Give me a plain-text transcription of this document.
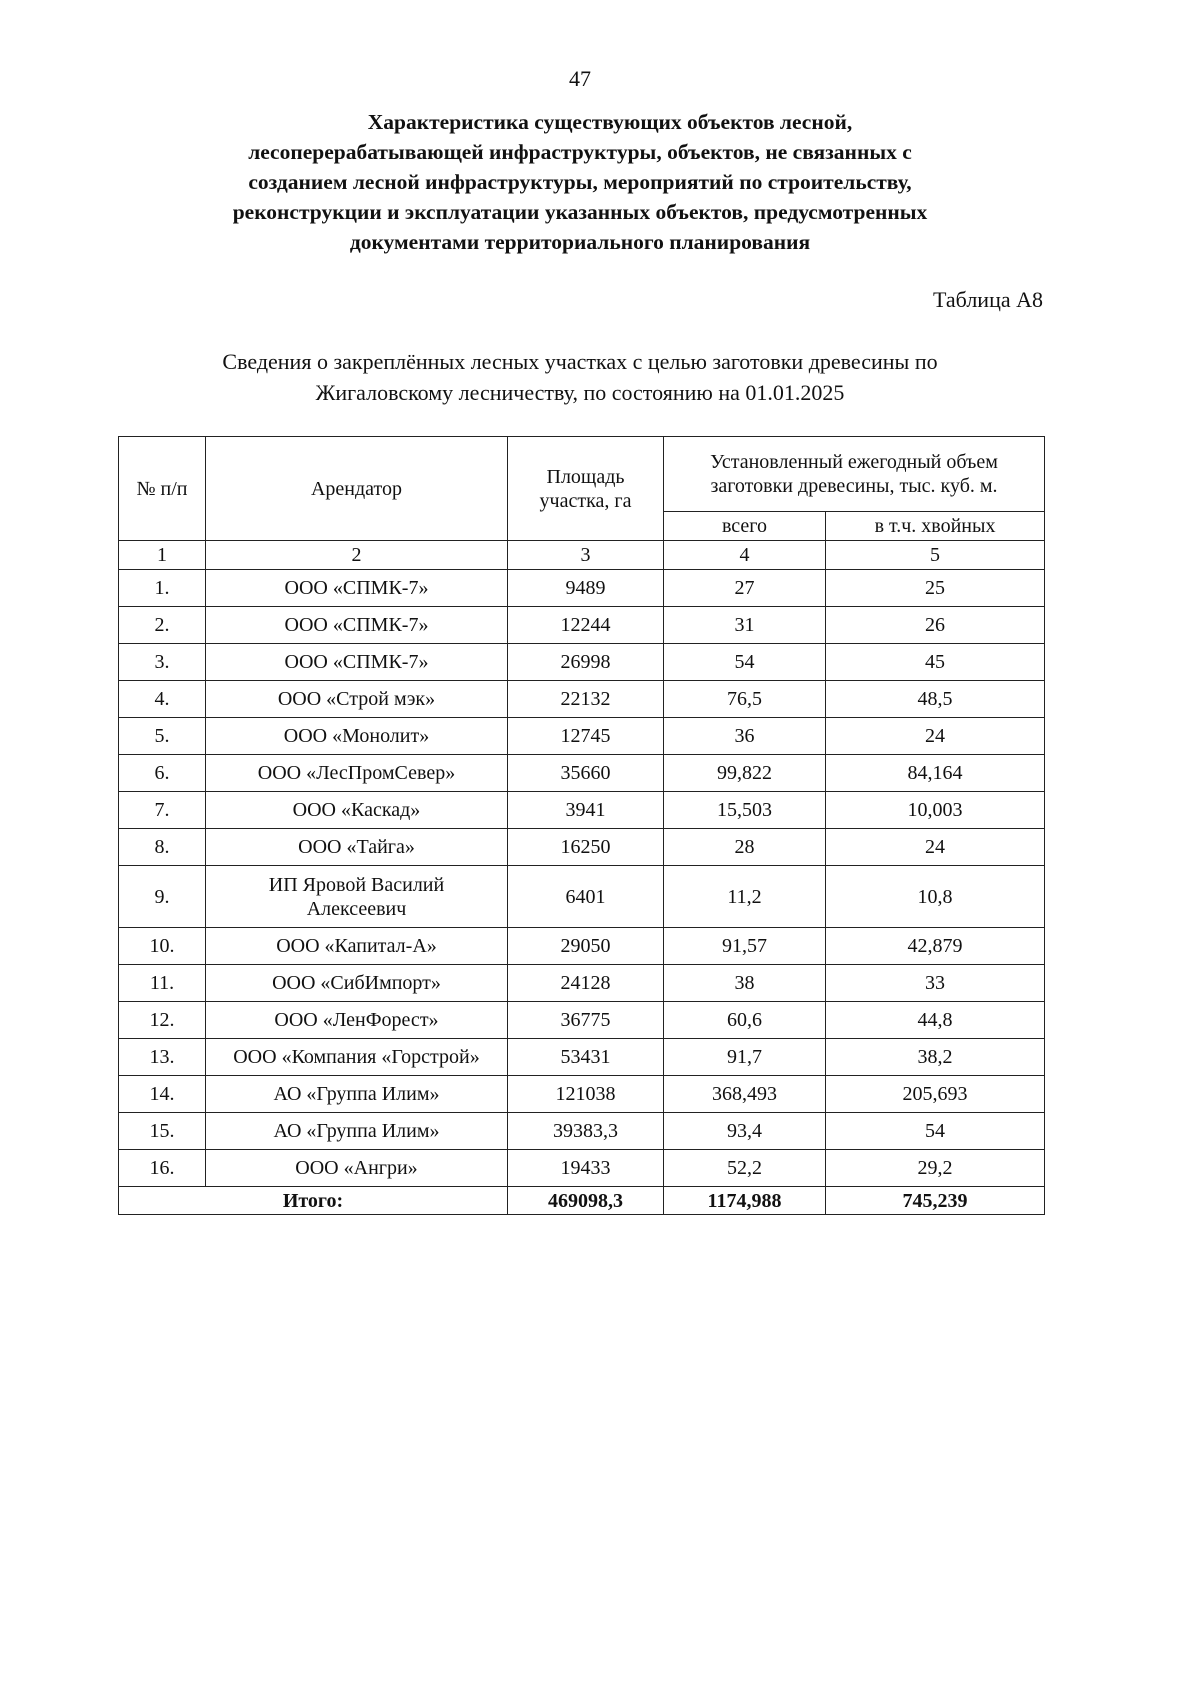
47
Характеристика существующих объектов лесной,
лесоперерабатывающей инфраструктуры, объектов, не связанных с
созданием лесной инфраструктуры, мероприятий по строительству,
реконструкции и эксплуатации указанных объектов, предусмотренных
документами территориального планирования
Таблица А8
Сведения о закреплённых лесных участках с целью заготовки древесины по
Жигаловскому лесничеству, по состоянию на 01.01.2025
№ п/п	Арендатор	Площадь участка, га	Установленный ежегодный объем заготовки древесины, тыс. куб. м.	
			всего	в т.ч. хвойных
1	2	3	4	5
1.	ООО «СПМК-7»	9489	27	25
2.	ООО «СПМК-7»	12244	31	26
3.	ООО «СПМК-7»	26998	54	45
4.	ООО «Строй мэк»	22132	76,5	48,5
5.	ООО «Монолит»	12745	36	24
6.	ООО «ЛесПромСевер»	35660	99,822	84,164
7.	ООО «Каскад»	3941	15,503	10,003
8.	ООО «Тайга»	16250	28	24
9.	ИП Яровой Василий Алексеевич	6401	11,2	10,8
10.	ООО «Капитал-А»	29050	91,57	42,879
11.	ООО «СибИмпорт»	24128	38	33
12.	ООО «ЛенФорест»	36775	60,6	44,8
13.	ООО «Компания «Горстрой»	53431	91,7	38,2
14.	АО «Группа Илим»	121038	368,493	205,693
15.	АО «Группа Илим»	39383,3	93,4	54
16.	ООО «Ангри»	19433	52,2	29,2
Итого:		469098,3	1174,988	745,239
